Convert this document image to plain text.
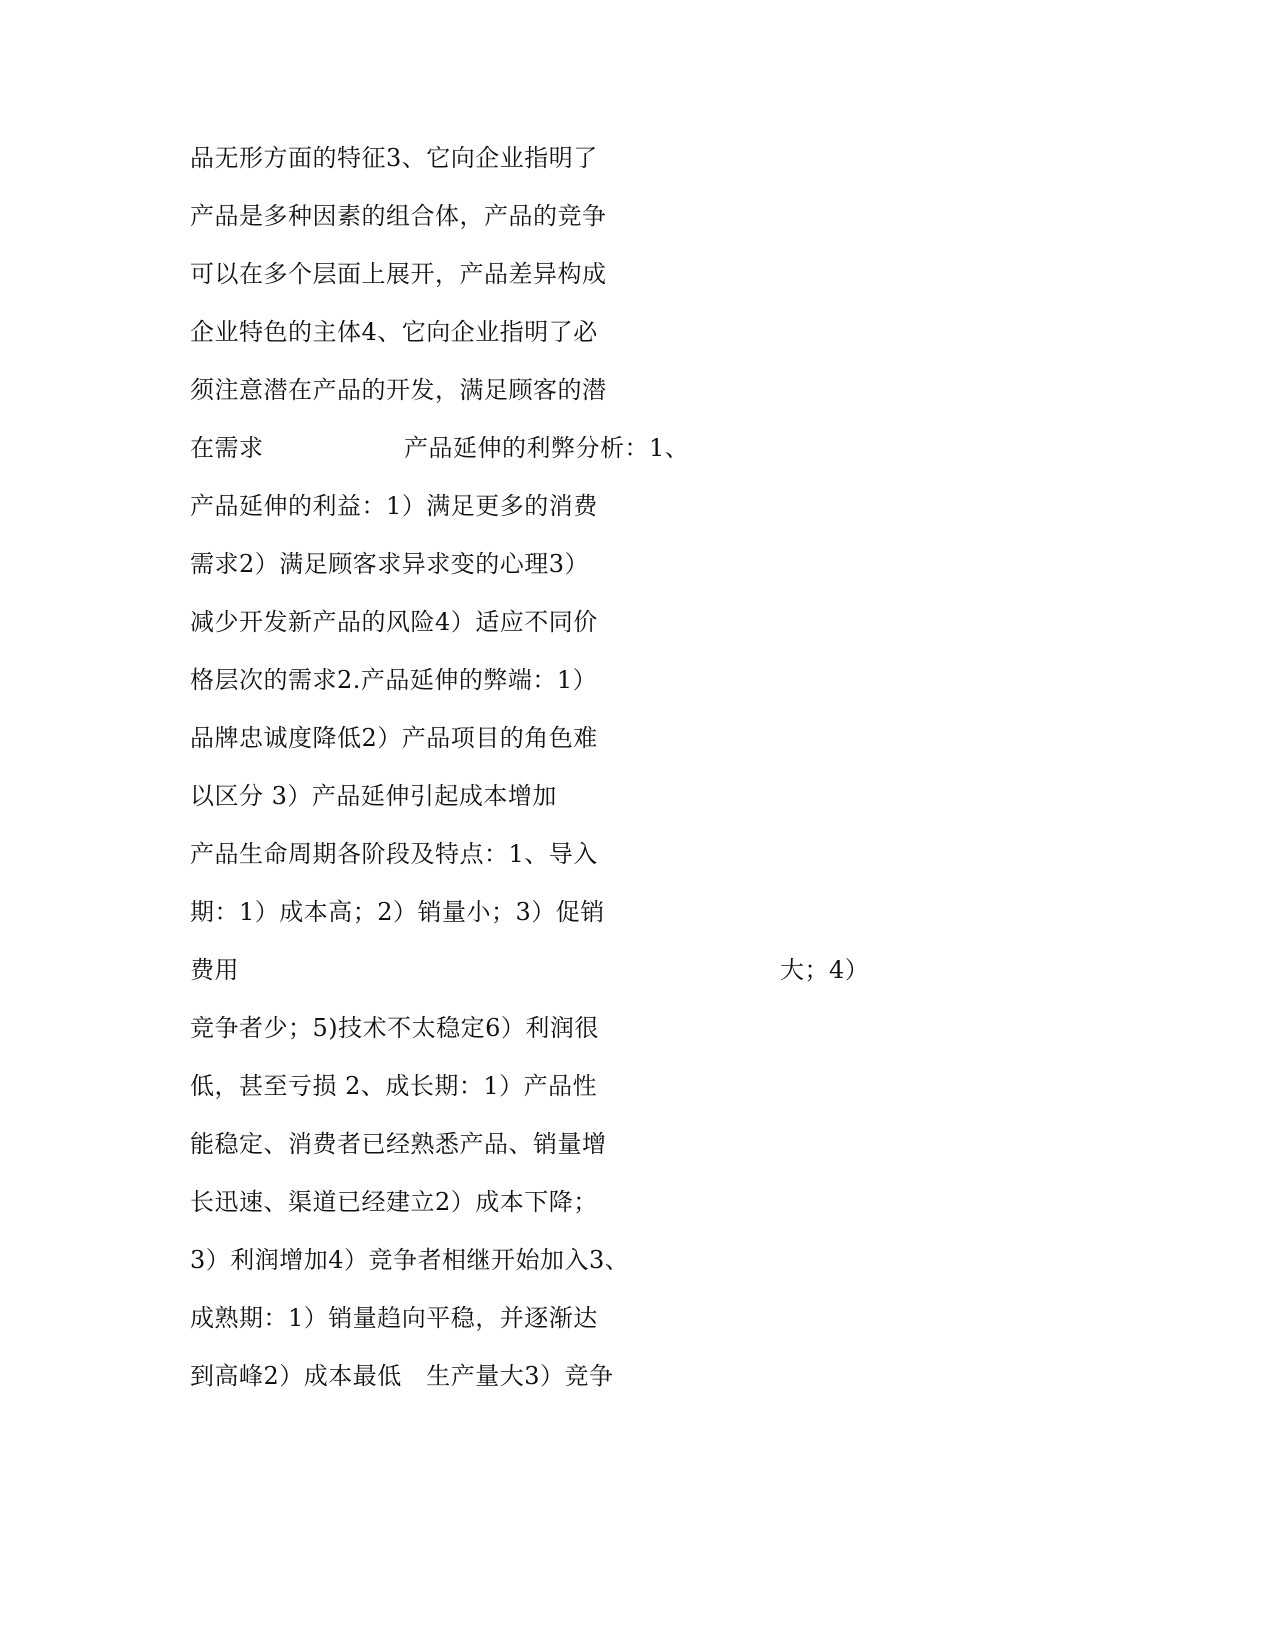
品无形方面的特征3、它向企业指明了
产品是多种因素的组合体，产品的竞争
可以在多个层面上展开，产品差异构成
企业特色的主体4、它向企业指明了必
须注意潜在产品的开发，满足顾客的潜
在需求	产品延伸的利弊分析：1、
产品延伸的利益：1）满足更多的消费
需求2）满足顾客求异求变的心理3）
减少开发新产品的风险4）适应不同价
格层次的需求2.产品延伸的弊端：1）
品牌忠诚度降低2）产品项目的角色难
以区分 3）产品延伸引起成本增加
产品生命周期各阶段及特点：1、导入
期：1）成本高；2）销量小；3）促销
费用	大；4）
竞争者少；5)技术不太稳定6）利润很
低，甚至亏损 2、成长期：1）产品性
能稳定、消费者已经熟悉产品、销量增
长迅速、渠道已经建立2）成本下降；
3）利润增加4）竞争者相继开始加入3、
成熟期：1）销量趋向平稳，并逐渐达
到高峰2）成本最低　生产量大3）竞争
